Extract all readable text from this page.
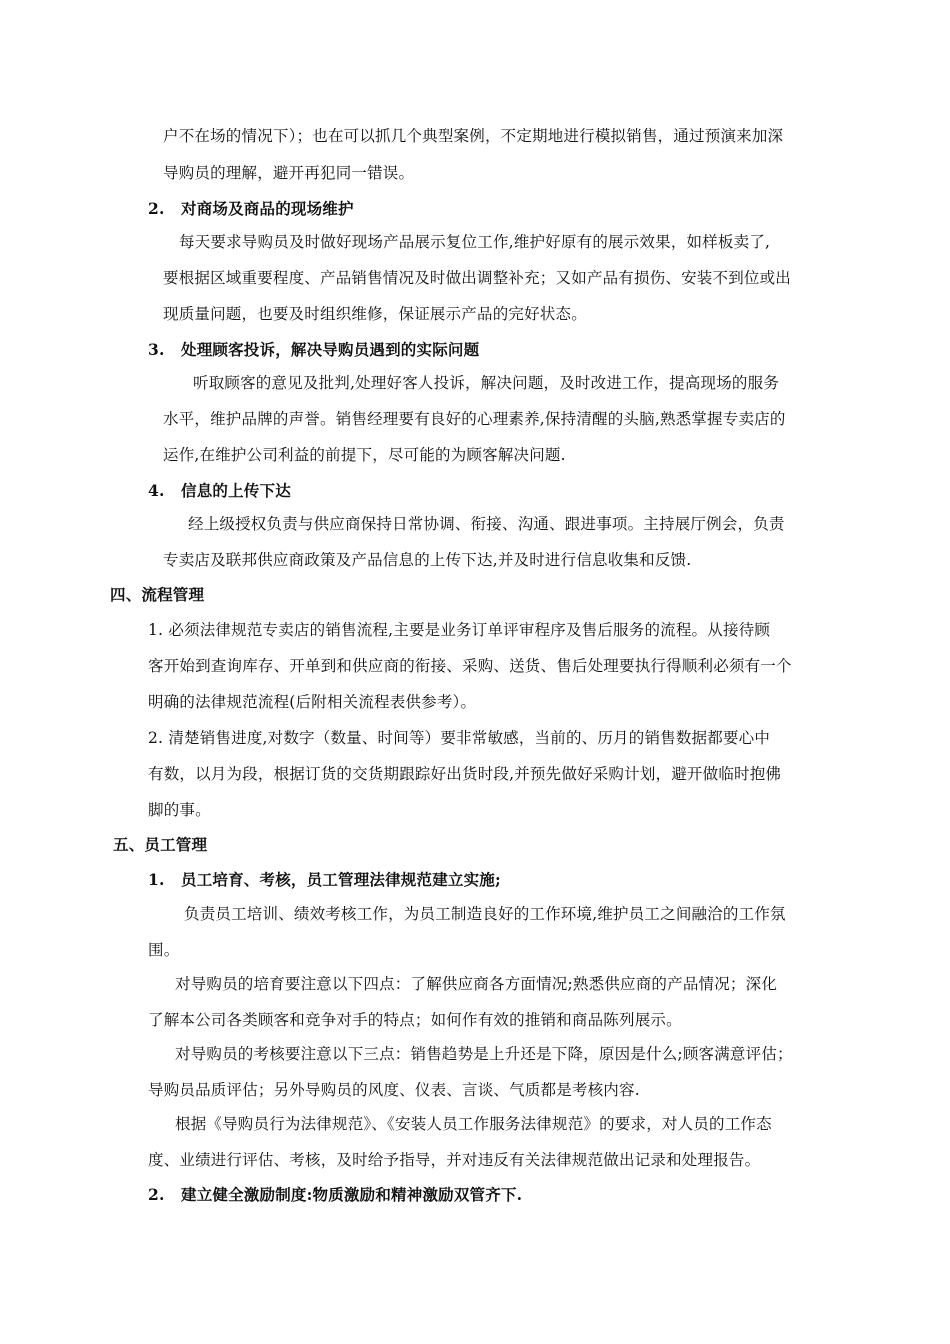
户不在场的情况下）；也在可以抓几个典型案例，不定期地进行模拟销售，通过预演来加深
导购员的理解，避开再犯同一错误。
2. 对商场及商品的现场维护
每天要求导购员及时做好现场产品展示复位工作,维护好原有的展示效果，如样板卖了,
要根据区域重要程度、产品销售情况及时做出调整补充；又如产品有损伤、安装不到位或出
现质量问题，也要及时组织维修，保证展示产品的完好状态。
3. 处理顾客投诉，解决导购员遇到的实际问题
听取顾客的意见及批判,处理好客人投诉，解决问题，及时改进工作，提高现场的服务
水平，维护品牌的声誉。销售经理要有良好的心理素养,保持清醒的头脑,熟悉掌握专卖店的
运作,在维护公司利益的前提下，尽可能的为顾客解决问题.
4. 信息的上传下达
经上级授权负责与供应商保持日常协调、衔接、沟通、跟进事项。主持展厅例会，负责
专卖店及联邦供应商政策及产品信息的上传下达,并及时进行信息收集和反馈.
四、流程管理
1. 必须法律规范专卖店的销售流程,主要是业务订单评审程序及售后服务的流程。从接待顾
客开始到查询库存、开单到和供应商的衔接、采购、送货、售后处理要执行得顺利必须有一个
明确的法律规范流程(后附相关流程表供参考）。
2. 清楚销售进度,对数字（数量、时间等）要非常敏感，当前的、历月的销售数据都要心中
有数，以月为段，根据订货的交货期跟踪好出货时段,并预先做好采购计划，避开做临时抱佛
脚的事。
五、员工管理
1. 员工培育、考核，员工管理法律规范建立实施;
负责员工培训、绩效考核工作，为员工制造良好的工作环境,维护员工之间融洽的工作氛
围。
对导购员的培育要注意以下四点：了解供应商各方面情况;熟悉供应商的产品情况；深化
了解本公司各类顾客和竞争对手的特点；如何作有效的推销和商品陈列展示。
对导购员的考核要注意以下三点：销售趋势是上升还是下降，原因是什么;顾客满意评估；
导购员品质评估；另外导购员的风度、仪表、言谈、气质都是考核内容.
根据《导购员行为法律规范》、《安装人员工作服务法律规范》的要求，对人员的工作态
度、业绩进行评估、考核，及时给予指导，并对违反有关法律规范做出记录和处理报告。
2. 建立健全激励制度:物质激励和精神激励双管齐下.
